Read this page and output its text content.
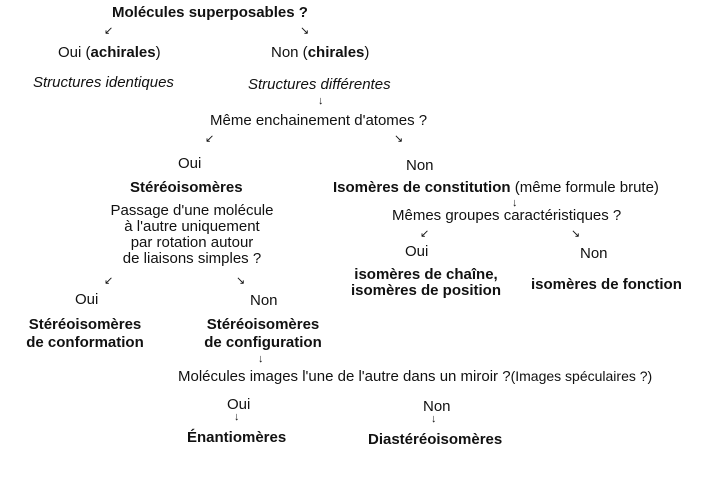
Molécules superposables ?
↙	↘
Oui (achirales)	Non (chirales)
Structures identiques	Structures différentes
↓
Même enchainement d'atomes ?
↙	↘
Oui	Non
Stéréoisomères	Isomères de constitution (même formule brute)
Passage d'une molécule
à l'autre uniquement
par rotation autour
de liaisons simples ?
↓
Mêmes groupes caractéristiques ?
↙	↘
Oui	Non
isomères de chaîne,
isomères de position	isomères de fonction
↙	↘
Oui	Non
Stéréoisomères
de conformation
Stéréoisomères
de configuration
↓
Molécules images l'une de l'autre dans un miroir ?(Images spéculaires ?)
Oui	Non
↓	↓
Énantiomères	Diastéréoisomères
